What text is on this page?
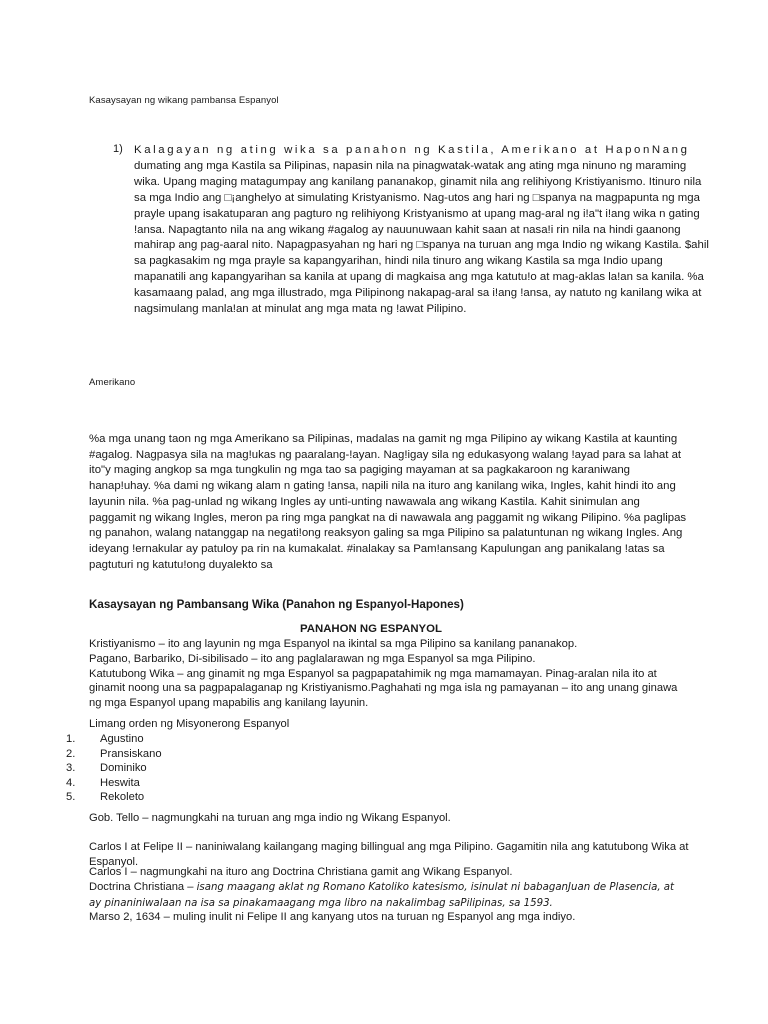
Kasaysayan ng wikang pambansa Espanyol
1) Kalagayan ng ating wika sa panahon ng Kastila, Amerikano at HaponNang dumating ang mga Kastila sa Pilipinas, napasin nila na pinagwatak-watak ang ating mga ninuno ng maraming wika. Upang maging matagumpay ang kanilang pananakop, ginamit nila ang relihiyong Kristiyanismo. Itinuro nila sa mga Indio ang □¡anghelyo at simulating Kristyanismo. Nag-utos ang hari ng □spanya na magpapunta ng mga prayle upang isakatuparan ang pagturo ng relihiyong Kristyanismo at upang mag-aral ng i!a"t i!ang wika n gating !ansa. Napagtanto nila na ang wikang #agalog ay nauunuwaan kahit saan at nasa!i rin nila na hindi gaanong mahirap ang pag-aaral nito. Napagpasyahan ng hari ng □spanya na turuan ang mga Indio ng wikang Kastila. $ahil sa pagkasakim ng mga prayle sa kapangyarihan, hindi nila tinuro ang wikang Kastila sa mga Indio upang mapanatili ang kapangyarihan sa kanila at upang di magkaisa ang mga katutu!o at mag-aklas la!an sa kanila. %a kasamaang palad, ang mga illustrado, mga Pilipinong nakapag-aral sa i!ang !ansa, ay natuto ng kanilang wika at nagsimulang manla!an at minulat ang mga mata ng !awat Pilipino.
Amerikano
%a mga unang taon ng mga Amerikano sa Pilipinas, madalas na gamit ng mga Pilipino ay wikang Kastila at kaunting #agalog. Nagpasya sila na mag!ukas ng paaralang-!ayan. Nag!igay sila ng edukasyong walang !ayad para sa lahat at ito"y maging angkop sa mga tungkulin ng mga tao sa pagiging mayaman at sa pagkakaroon ng karaniwang hanap!uhay. %a dami ng wikang alam n gating !ansa, napili nila na ituro ang kanilang wika, Ingles, kahit hindi ito ang layunin nila. %a pag-unlad ng wikang Ingles ay unti-unting nawawala ang wikang Kastila. Kahit sinimulan ang paggamit ng wikang Ingles, meron pa ring mga pangkat na di nawawala ang paggamit ng wikang Pilipino. %a paglipas ng panahon, walang natanggap na negati!ong reaksyon galing sa mga Pilipino sa palatuntunan ng wikang Ingles. Ang ideyang !ernakular ay patuloy pa rin na kumakalat. #inalakay sa Pam!ansang Kapulungan ang panikalang !atas sa pagtuturi ng katutu!ong duyalekto sa
Kasaysayan ng Pambansang Wika (Panahon ng Espanyol-Hapones)
PANAHON NG ESPANYOL
Kristiyanismo – ito ang layunin ng mga Espanyol na ikintal sa mga Pilipino sa kanilang pananakop.
Pagano, Barbariko, Di-sibilisado – ito ang paglalarawan ng mga Espanyol sa mga Pilipino.
Katutubong Wika – ang ginamit ng mga Espanyol sa pagpapatahimik ng mga mamamayan. Pinag-aralan nila ito at ginamit noong una sa pagpapalaganap ng Kristiyanismo.Paghahati ng mga isla ng pamayanan – ito ang unang ginawa ng mga Espanyol upang mapabilis ang kanilang layunin.
Limang orden ng Misyonerong Espanyol
1.	Agustino
2.	Pransiskano
3.	Dominiko
4.	Heswita
5.	Rekoleto
Gob. Tello – nagmungkahi na turuan ang mga indio ng Wikang Espanyol.
Carlos I at Felipe II – naniniwalang kailangang maging billingual ang mga Pilipino. Gagamitin nila ang katutubong Wika at Espanyol.
Carlos I – nagmungkahi na ituro ang Doctrina Christiana gamit ang Wikang Espanyol.
Doctrina Christiana – isang maagang aklat ng Romano Katoliko katesismo, isinulat ni babaganJuan de Plasencia, at ay pinaniniwalaan na isa sa pinakamaagang mga libro na nakalimbag saPilipinas, sa 1593.
Marso 2, 1634 – muling inulit ni Felipe II ang kanyang utos na turuan ng Espanyol ang mga indiyo.
